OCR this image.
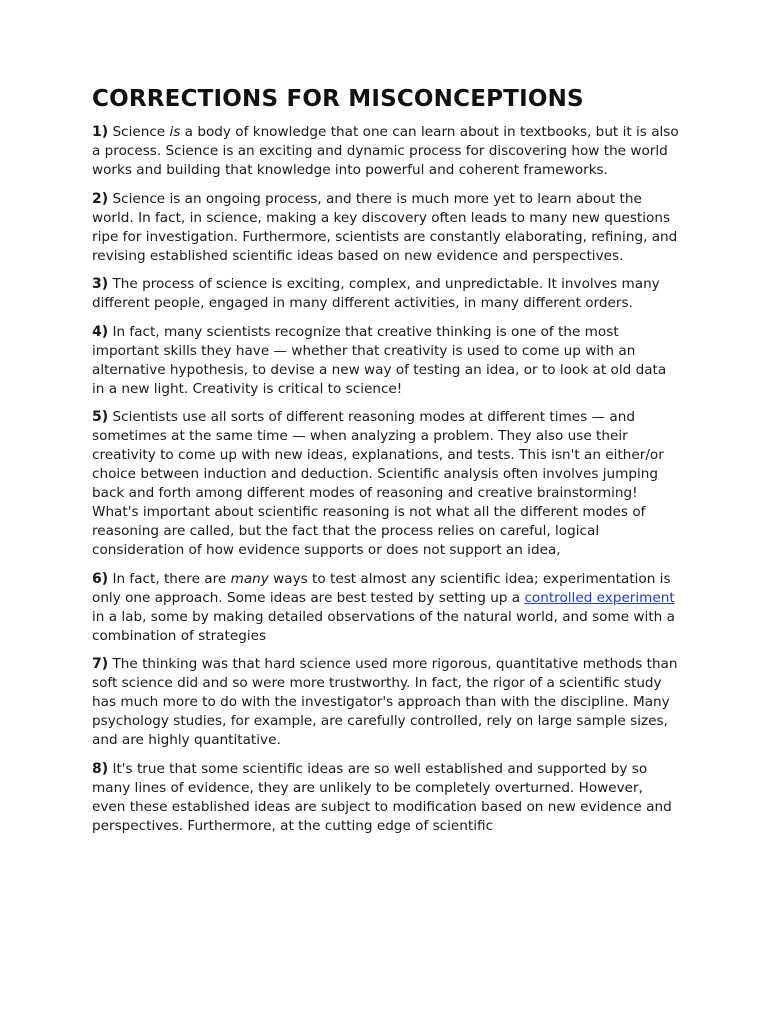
CORRECTIONS FOR MISCONCEPTIONS

1) Science is a body of knowledge that one can learn about in textbooks, but it is also a process. Science is an exciting and dynamic process for discovering how the world works and building that knowledge into powerful and coherent frameworks.

2) Science is an ongoing process, and there is much more yet to learn about the world. In fact, in science, making a key discovery often leads to many new questions ripe for investigation. Furthermore, scientists are constantly elaborating, refining, and revising established scientific ideas based on new evidence and perspectives.

3) The process of science is exciting, complex, and unpredictable. It involves many different people, engaged in many different activities, in many different orders.

4) In fact, many scientists recognize that creative thinking is one of the most important skills they have — whether that creativity is used to come up with an alternative hypothesis, to devise a new way of testing an idea, or to look at old data in a new light. Creativity is critical to science!

5) Scientists use all sorts of different reasoning modes at different times — and sometimes at the same time — when analyzing a problem. They also use their creativity to come up with new ideas, explanations, and tests. This isn't an either/or choice between induction and deduction. Scientific analysis often involves jumping back and forth among different modes of reasoning and creative brainstorming! What's important about scientific reasoning is not what all the different modes of reasoning are called, but the fact that the process relies on careful, logical consideration of how evidence supports or does not support an idea,

6) In fact, there are many ways to test almost any scientific idea; experimentation is only one approach. Some ideas are best tested by setting up a controlled experiment in a lab, some by making detailed observations of the natural world, and some with a combination of strategies

7) The thinking was that hard science used more rigorous, quantitative methods than soft science did and so were more trustworthy. In fact, the rigor of a scientific study has much more to do with the investigator's approach than with the discipline. Many psychology studies, for example, are carefully controlled, rely on large sample sizes, and are highly quantitative.

8) It's true that some scientific ideas are so well established and supported by so many lines of evidence, they are unlikely to be completely overturned. However, even these established ideas are subject to modification based on new evidence and perspectives. Furthermore, at the cutting edge of scientific
